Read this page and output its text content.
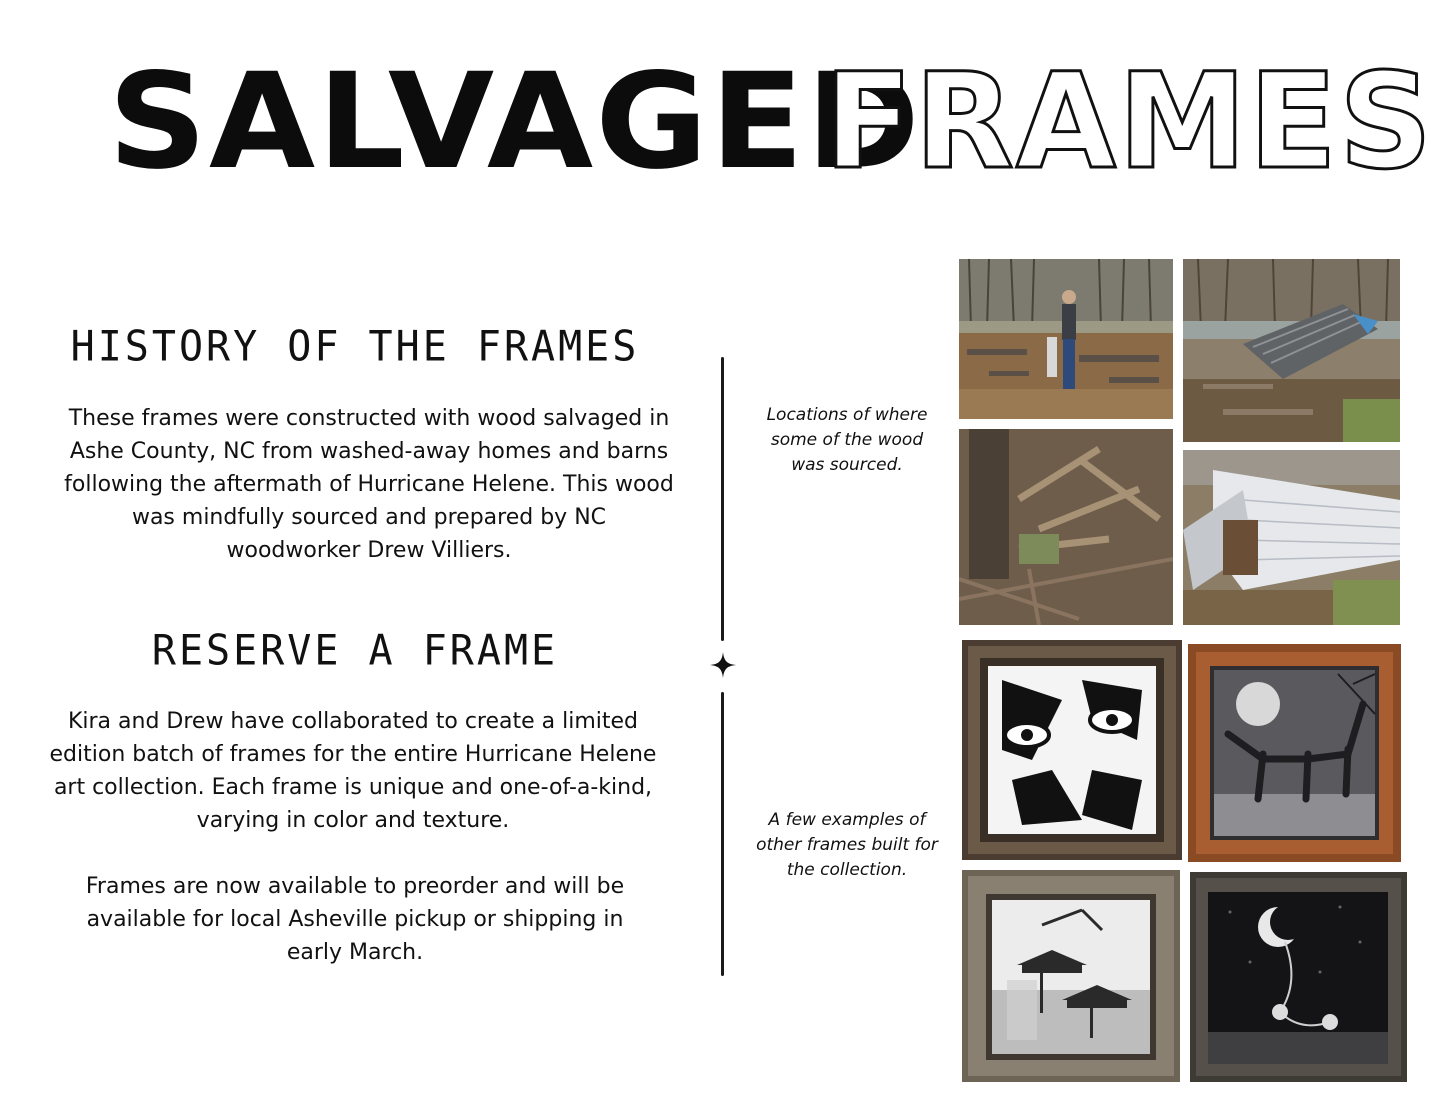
SALVAGED
FRAMES
HISTORY OF THE FRAMES

These frames were constructed with wood salvaged in Ashe County, NC from washed-away homes and barns following the aftermath of Hurricane Helene. This wood was mindfully sourced and prepared by NC woodworker Drew Villiers.

RESERVE A FRAME

Kira and Drew have collaborated to create a limited edition batch of frames for the entire Hurricane Helene art collection. Each frame is unique and one-of-a-kind, varying in color and texture.

Frames are now available to preorder and will be available for local Asheville pickup or shipping in early March.

Locations of where some of the wood was sourced.

A few examples of other frames built for the collection.
